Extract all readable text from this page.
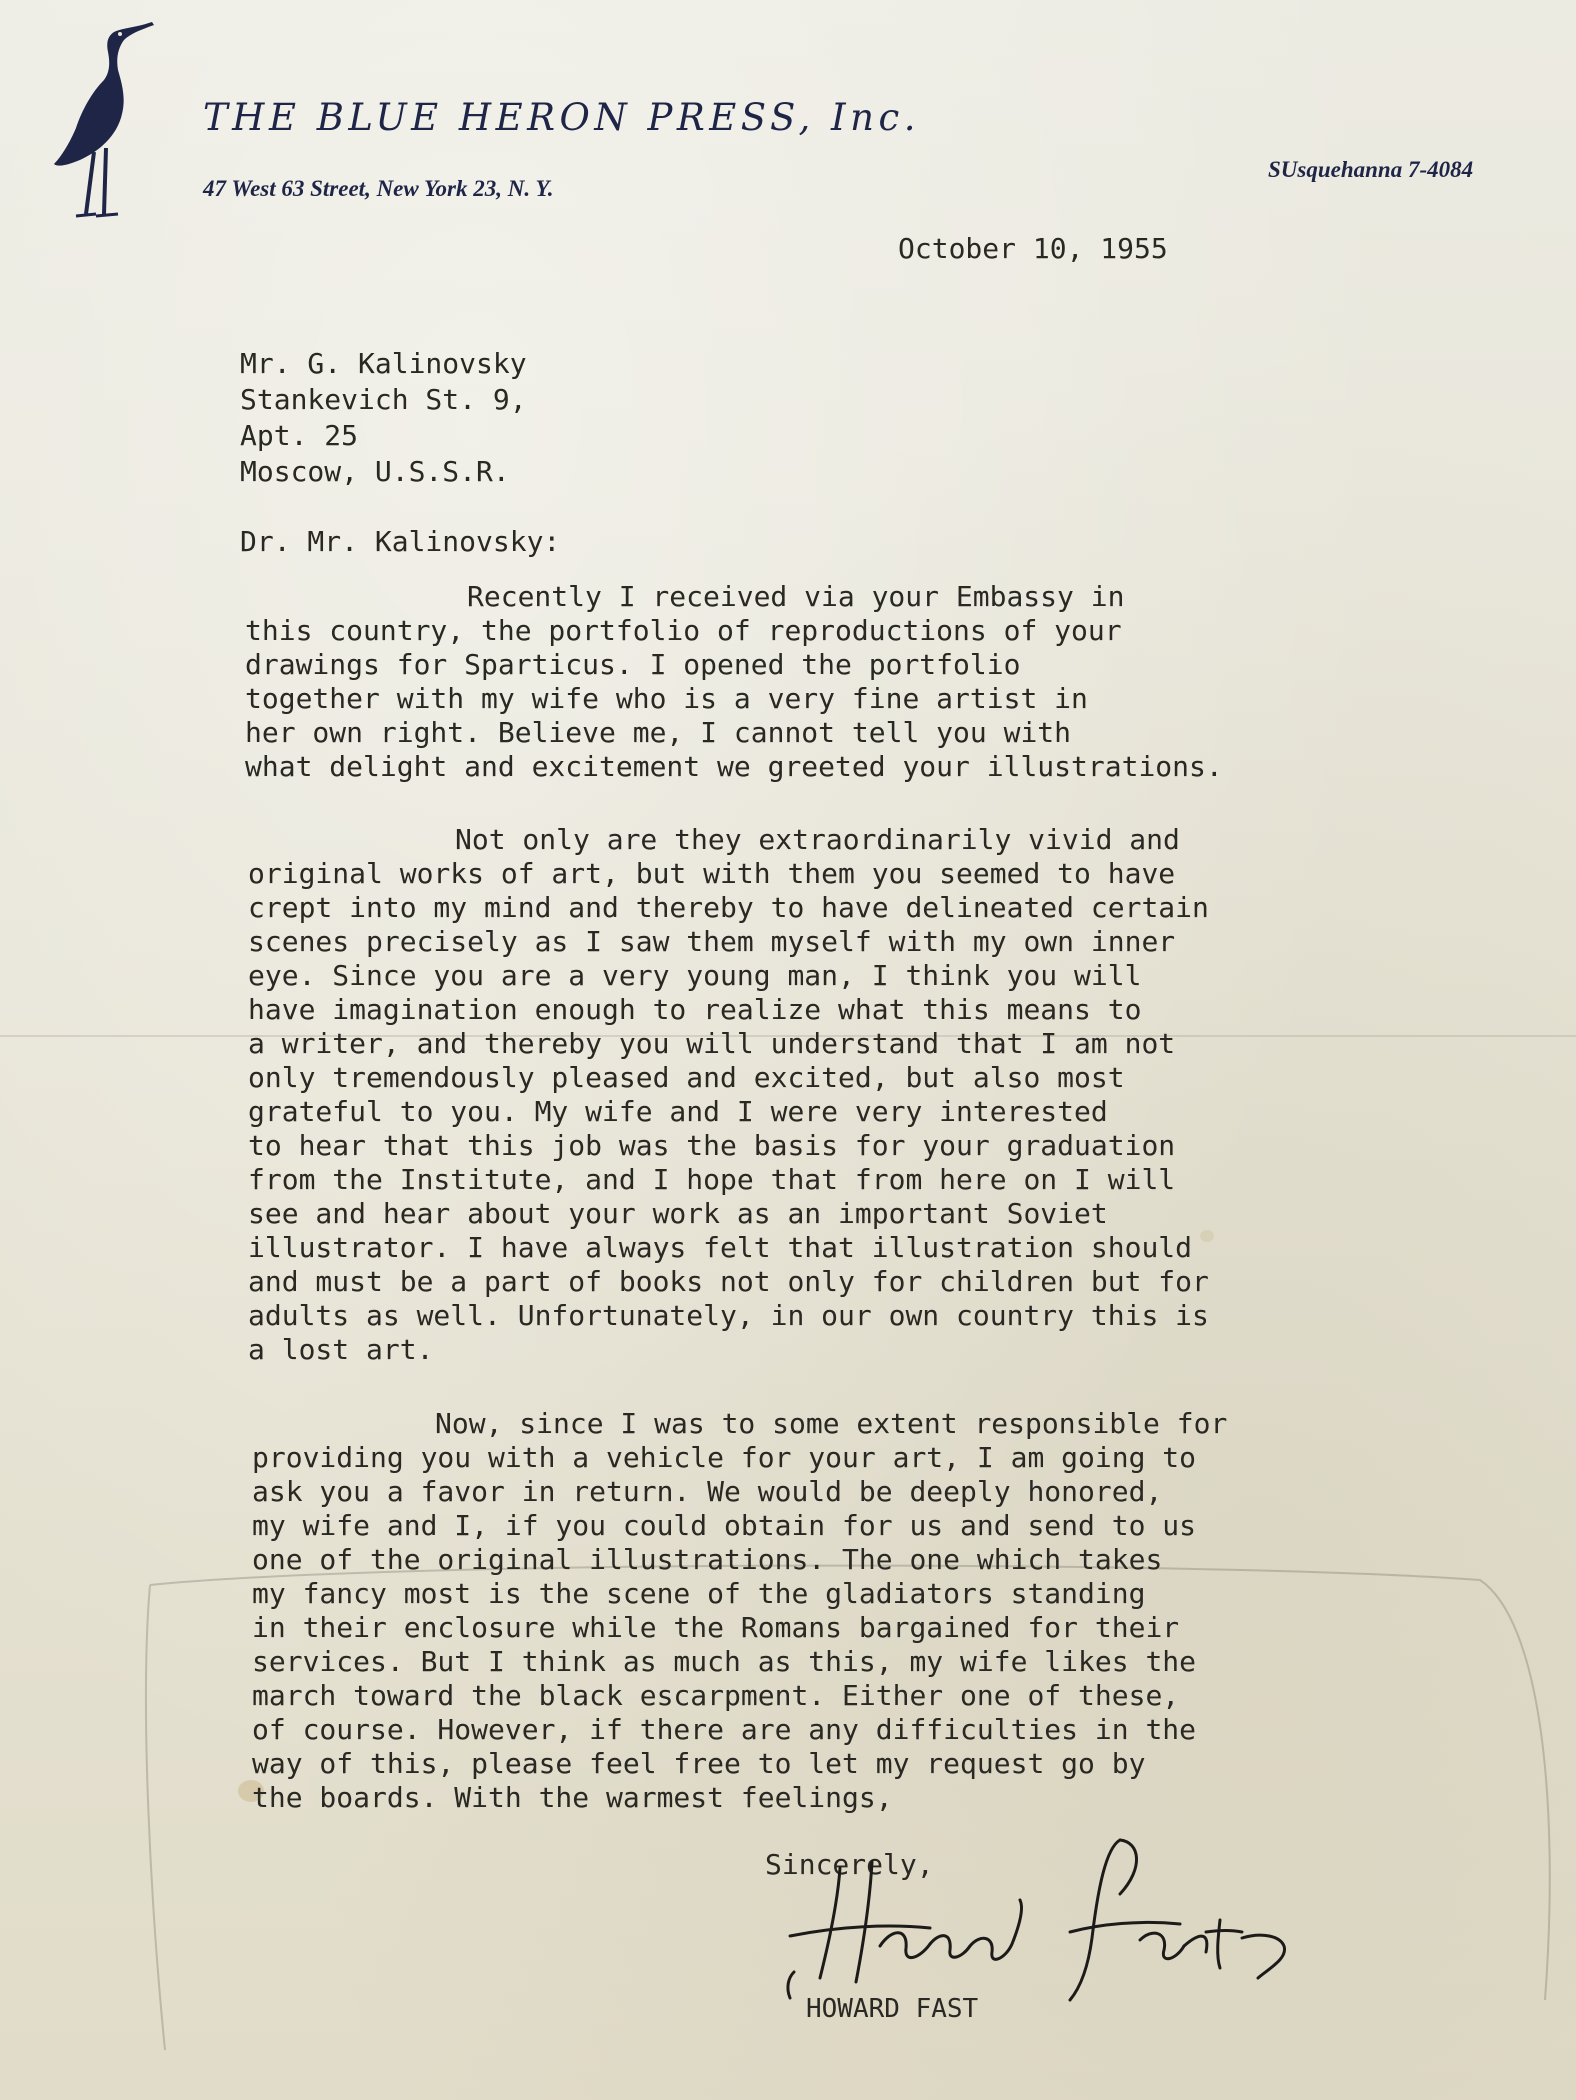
THE BLUE HERON PRESS, Inc.
47 West 63 Street, New York 23, N. Y.
SUsquehanna 7-4084
October 10, 1955
Mr. G. Kalinovsky
Stankevich St. 9,
Apt. 25
Moscow, U.S.S.R.
Dr. Mr. Kalinovsky:
Recently I received via your Embassy in
this country, the portfolio of reproductions of your
drawings for Sparticus. I opened the portfolio
together with my wife who is a very fine artist in
her own right. Believe me, I cannot tell you with
what delight and excitement we greeted your illustrations.
Not only are they extraordinarily vivid and
original works of art, but with them you seemed to have
crept into my mind and thereby to have delineated certain
scenes precisely as I saw them myself with my own inner
eye. Since you are a very young man, I think you will
have imagination enough to realize what this means to
a writer, and thereby you will understand that I am not
only tremendously pleased and excited, but also most
grateful to you. My wife and I were very interested
to hear that this job was the basis for your graduation
from the Institute, and I hope that from here on I will
see and hear about your work as an important Soviet
illustrator. I have always felt that illustration should
and must be a part of books not only for children but for
adults as well. Unfortunately, in our own country this is
a lost art.
Now, since I was to some extent responsible for
providing you with a vehicle for your art, I am going to
ask you a favor in return. We would be deeply honored,
my wife and I, if you could obtain for us and send to us
one of the original illustrations. The one which takes
my fancy most is the scene of the gladiators standing
in their enclosure while the Romans bargained for their
services. But I think as much as this, my wife likes the
march toward the black escarpment. Either one of these,
of course. However, if there are any difficulties in the
way of this, please feel free to let my request go by
the boards. With the warmest feelings,
Sincerely,
HOWARD FAST
